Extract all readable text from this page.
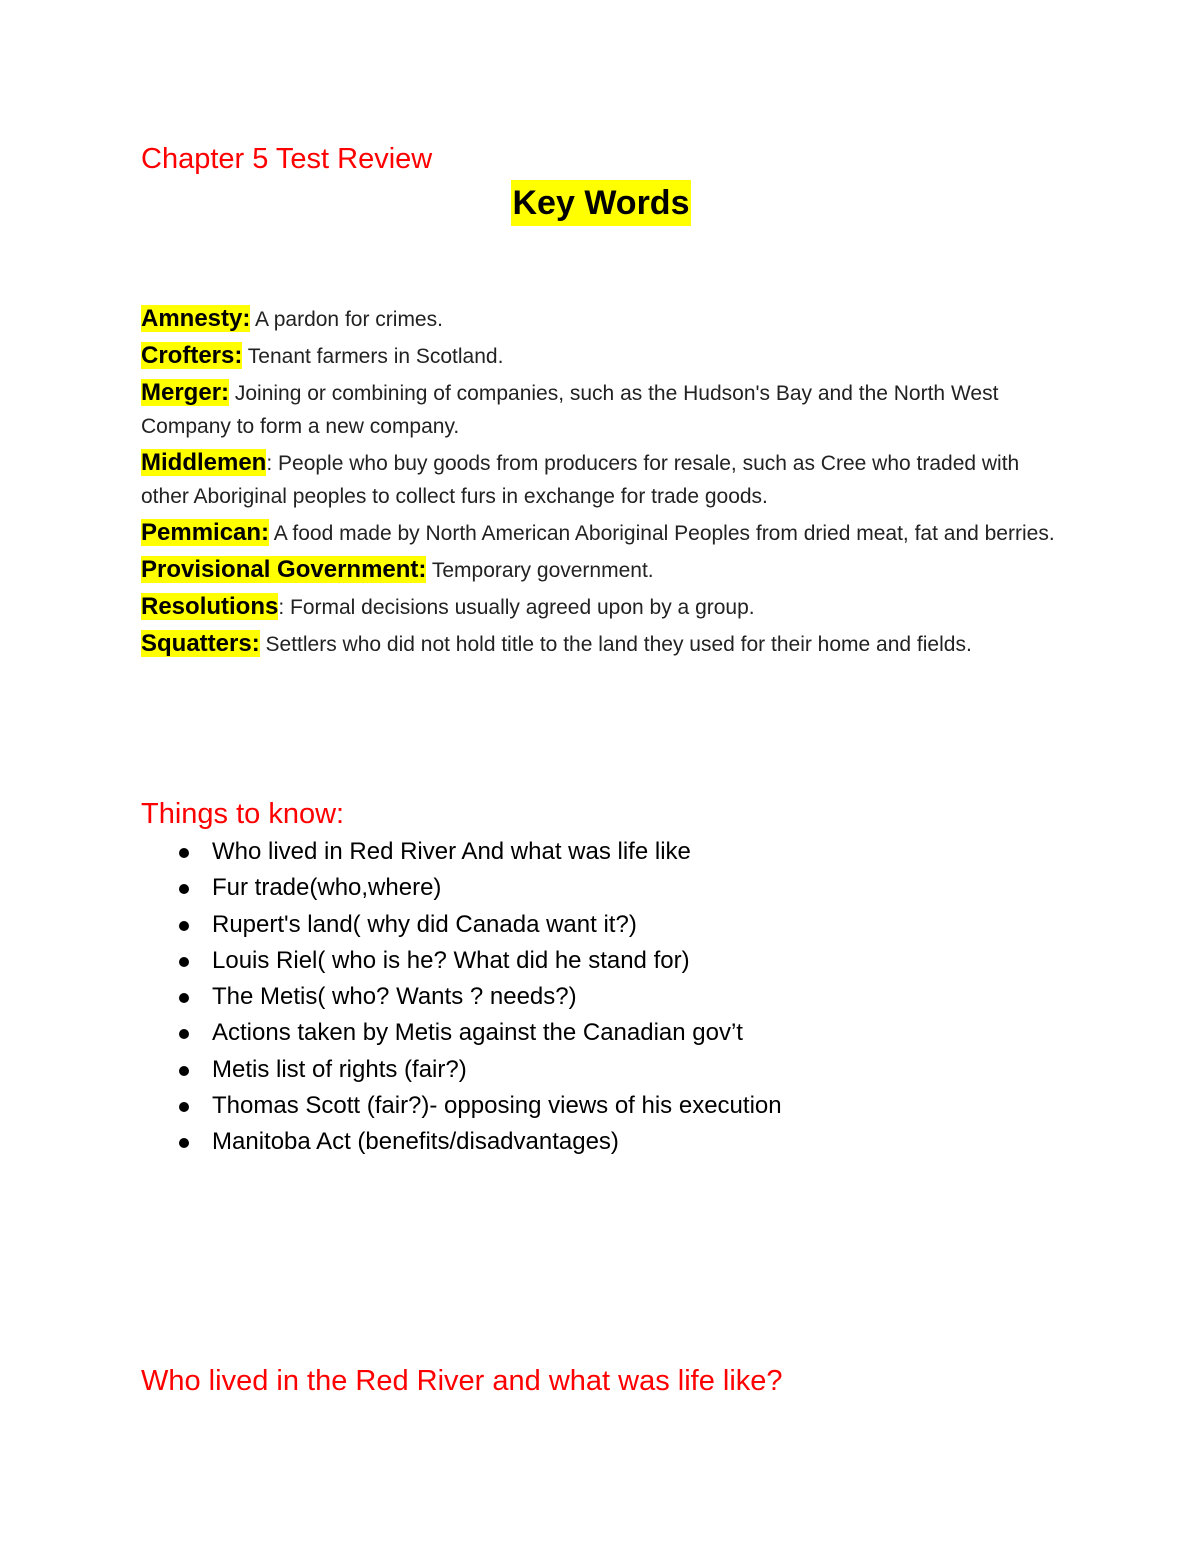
Chapter 5 Test Review
Key Words
Amnesty: A pardon for crimes.
Crofters: Tenant farmers in Scotland.
Merger: Joining or combining of companies, such as the Hudson's Bay and the North West Company to form a new company.
Middlemen: People who buy goods from producers for resale, such as Cree who traded with other Aboriginal peoples to collect furs in exchange for trade goods.
Pemmican: A food made by North American Aboriginal Peoples from dried meat, fat and berries.
Provisional Government: Temporary government.
Resolutions: Formal decisions usually agreed upon by a group.
Squatters: Settlers who did not hold title to the land they used for their home and fields.
Things to know:
Who lived in Red River And what was life like
Fur trade(who,where)
Rupert's land( why did Canada want it?)
Louis Riel( who is he? What did he stand for)
The Metis( who? Wants ? needs?)
Actions taken by Metis against the Canadian gov’t
Metis list of rights (fair?)
Thomas Scott (fair?)- opposing views of his execution
Manitoba Act (benefits/disadvantages)
Who lived in the Red River and what was life like?
